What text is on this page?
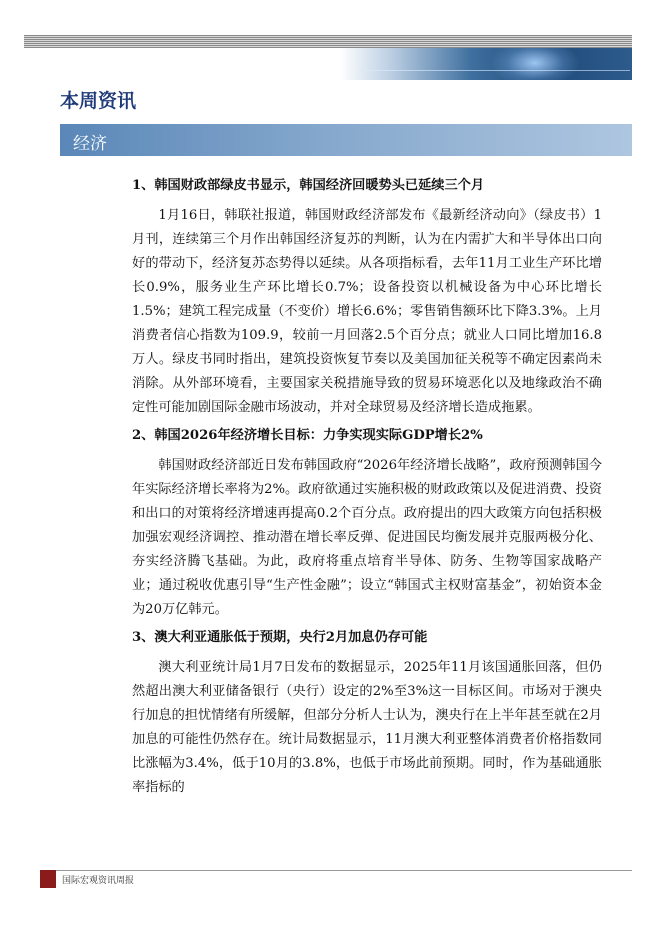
本周资讯
经济

1、韩国财政部绿皮书显示，韩国经济回暖势头已延续三个月

1月16日，韩联社报道，韩国财政经济部发布《最新经济动向》（绿皮书）1月刊，连续第三个月作出韩国经济复苏的判断，认为在内需扩大和半导体出口向好的带动下，经济复苏态势得以延续。从各项指标看，去年11月工业生产环比增长0.9%，服务业生产环比增长0.7%；设备投资以机械设备为中心环比增长1.5%；建筑工程完成量（不变价）增长6.6%；零售销售额环比下降3.3%。上月消费者信心指数为109.9，较前一月回落2.5个百分点；就业人口同比增加16.8万人。绿皮书同时指出，建筑投资恢复节奏以及美国加征关税等不确定因素尚未消除。从外部环境看，主要国家关税措施导致的贸易环境恶化以及地缘政治不确定性可能加剧国际金融市场波动，并对全球贸易及经济增长造成拖累。

2、韩国2026年经济增长目标：力争实现实际GDP增长2%

韩国财政经济部近日发布韩国政府“2026年经济增长战略”，政府预测韩国今年实际经济增长率将为2%。政府欲通过实施积极的财政政策以及促进消费、投资和出口的对策将经济增速再提高0.2个百分点。政府提出的四大政策方向包括积极加强宏观经济调控、推动潜在增长率反弹、促进国民均衡发展并克服两极分化、夯实经济腾飞基础。为此，政府将重点培育半导体、防务、生物等国家战略产业；通过税收优惠引导“生产性金融”；设立“韩国式主权财富基金”，初始资本金为20万亿韩元。

3、澳大利亚通胀低于预期，央行2月加息仍存可能

澳大利亚统计局1月7日发布的数据显示，2025年11月该国通胀回落，但仍然超出澳大利亚储备银行（央行）设定的2%至3%这一目标区间。市场对于澳央行加息的担忧情绪有所缓解，但部分分析人士认为，澳央行在上半年甚至就在2月加息的可能性仍然存在。统计局数据显示，11月澳大利亚整体消费者价格指数同比涨幅为3.4%，低于10月的3.8%，也低于市场此前预期。同时，作为基础通胀率指标的

国际宏观资讯周报
